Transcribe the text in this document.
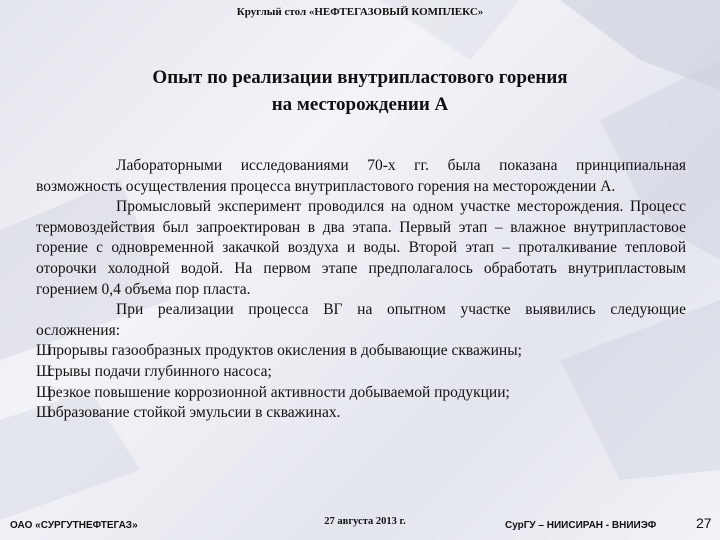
Круглый стол «НЕФТЕГАЗОВЫЙ КОМПЛЕКС»
Опыт по реализации внутрипластового горения
на месторождении А

Лабораторными исследованиями 70-х гг. была показана принципиальная возможность осуществления процесса внутрипластового горения на месторождении А.

Промысловый эксперимент проводился на одном участке месторождения. Процесс термовоздействия был запроектирован в два этапа. Первый этап – влажное внутрипластовое горение с одновременной закачкой воздуха и воды. Второй этап – проталкивание тепловой оторочки холодной водой. На первом этапе предполагалось обработать внутрипластовым горением 0,4 объема пор пласта.

При реализации процесса ВГ на опытном участке выявились следующие осложнения:

Ш
прорывы газообразных продуктов окисления в добывающие скважины;
Ш
срывы подачи глубинного насоса;
Ш
резкое повышение коррозионной активности добываемой продукции;
Ш
образование стойкой эмульсии в скважинах.
ОАО «СУРГУТНЕФТЕГАЗ»	27 августа 2013 г.	СурГУ – НИИСИРАН - ВНИИЭФ	27
